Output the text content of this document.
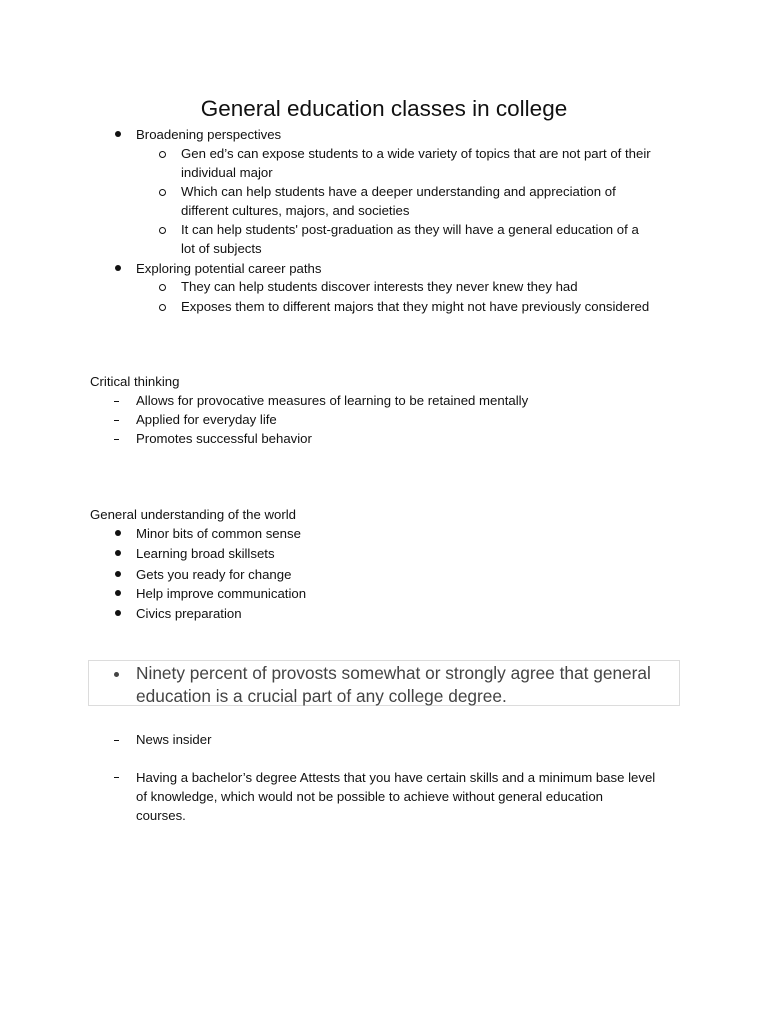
General education classes in college
Broadening perspectives
Gen ed’s can expose students to a wide variety of topics that are not part of their
individual major
Which can help students have a deeper understanding and appreciation of
different cultures, majors, and societies
It can help students' post-graduation as they will have a general education of a
lot of subjects
Exploring potential career paths
They can help students discover interests they never knew they had
Exposes them to different majors that they might not have previously considered
Critical thinking
Allows for provocative measures of learning to be retained mentally
Applied for everyday life
Promotes successful behavior
General understanding of the world
Minor bits of common sense
Learning broad skillsets
Gets you ready for change
Help improve communication
Civics preparation
Ninety percent of provosts somewhat or strongly agree that general
education is a crucial part of any college degree.
News insider
Having a bachelor’s degree Attests that you have certain skills and a minimum base level
of knowledge, which would not be possible to achieve without general education
courses.
